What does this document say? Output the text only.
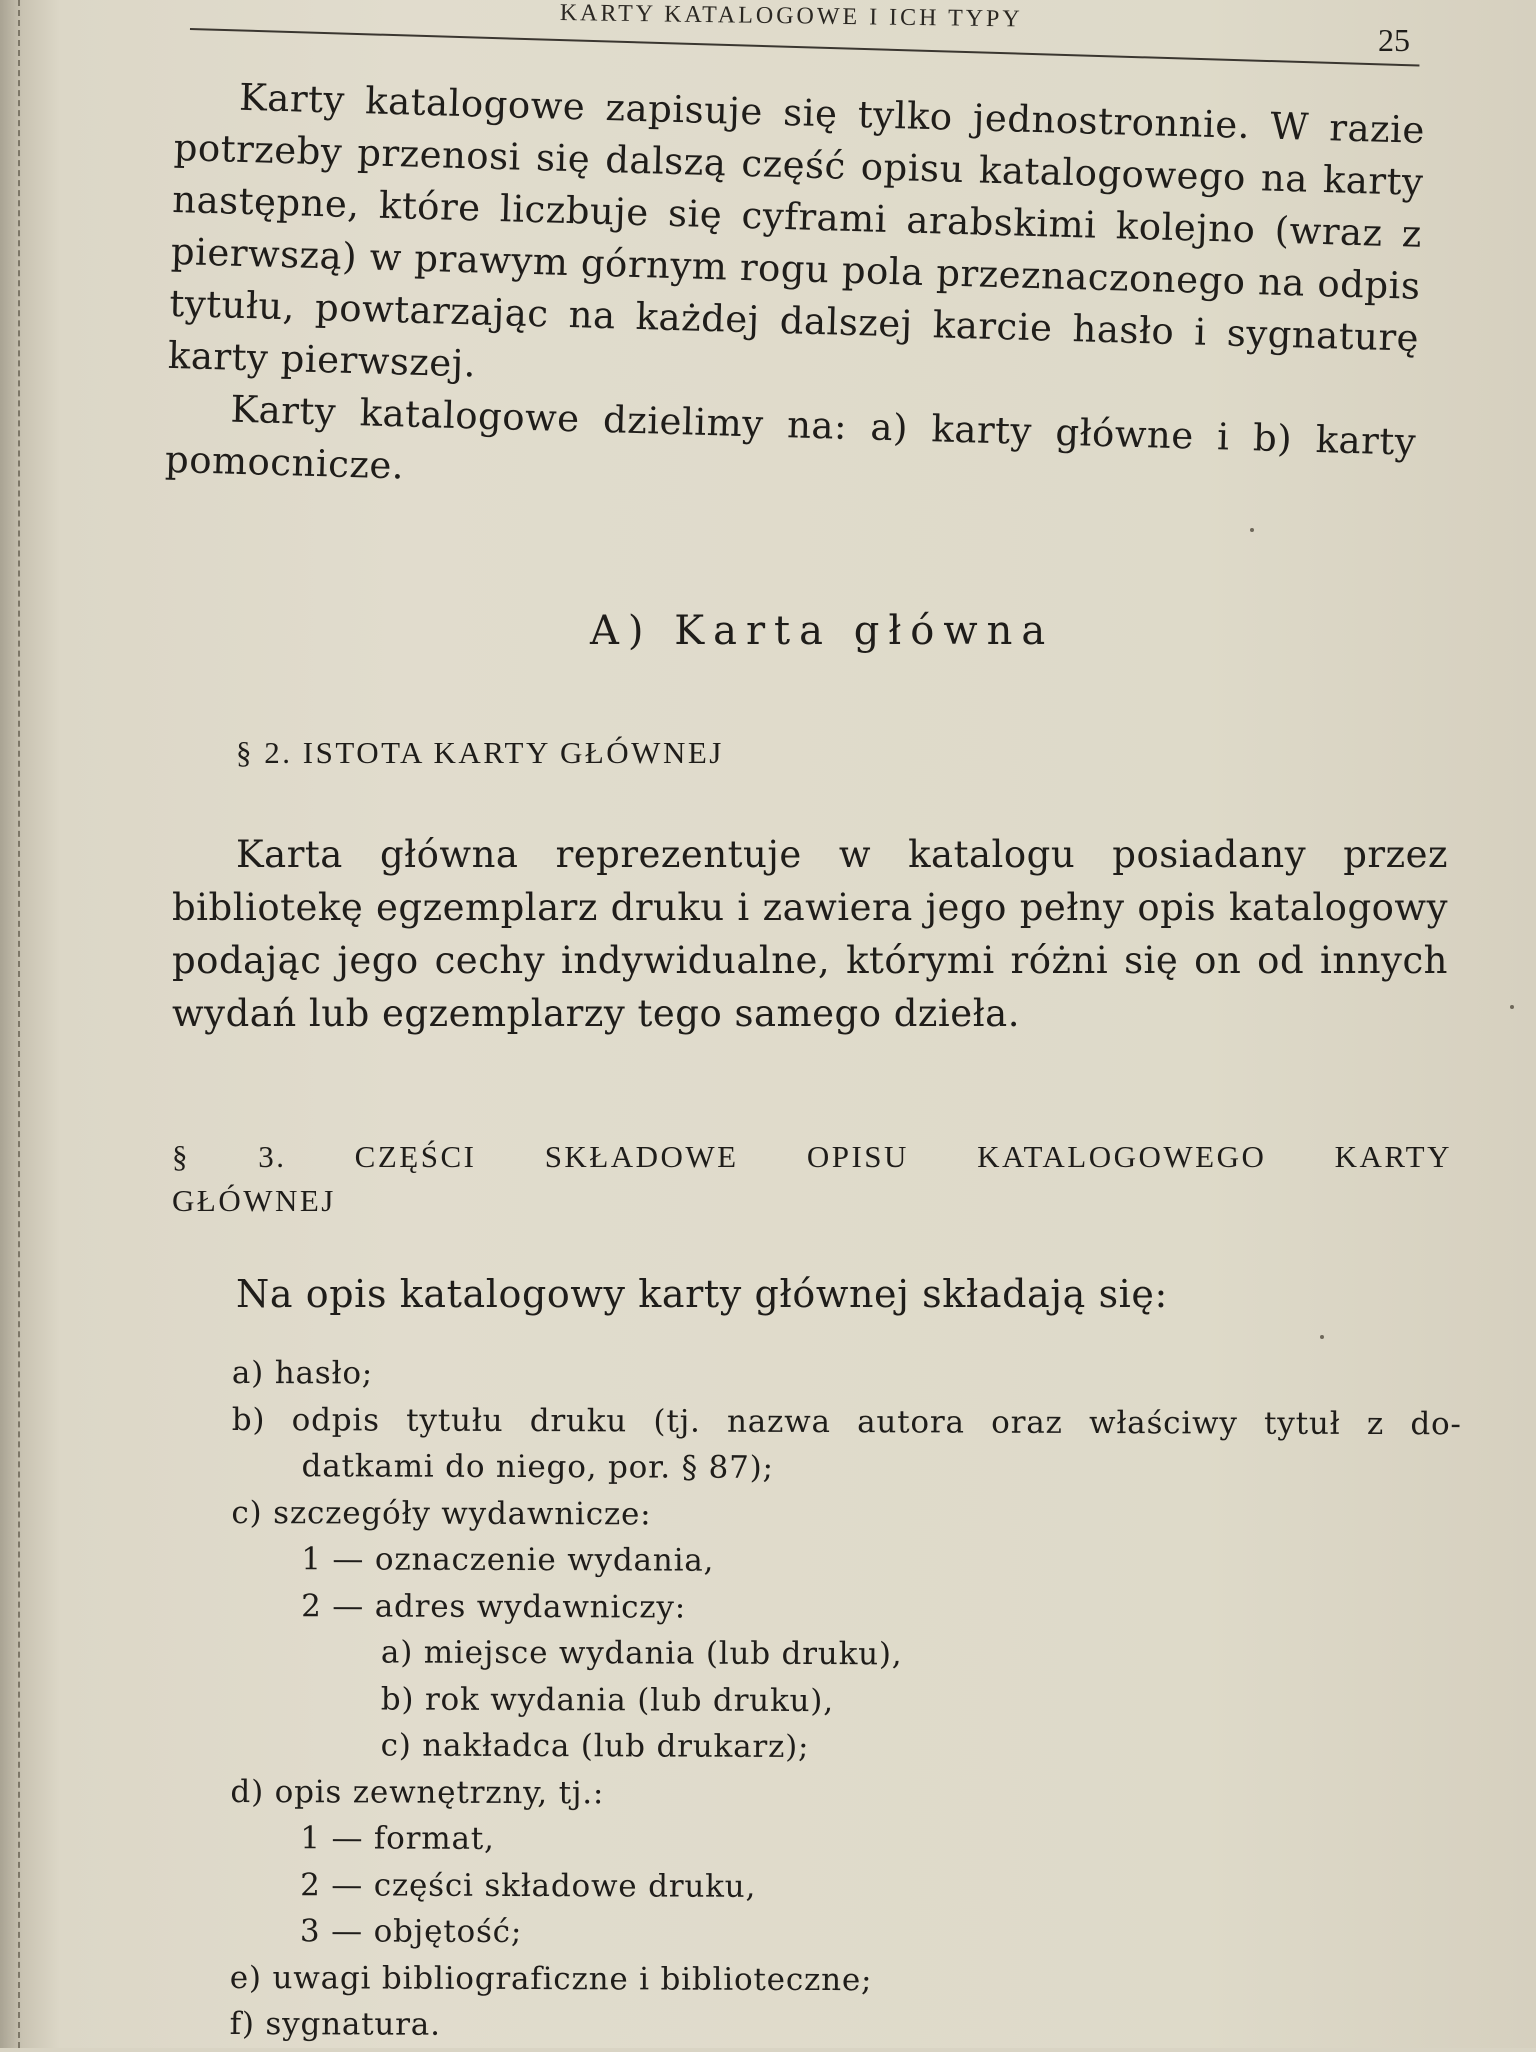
KARTY KATALOGOWE I ICH TYPY
25

Karty katalogowe zapisuje się tylko jednostronnie. W razie potrzeby przenosi się dalszą część opisu katalogowego na karty następne, które liczbuje się cyframi arabskimi kolejno (wraz z pierwszą) w prawym górnym rogu pola przeznaczonego na odpis tytułu, powtarzając na każdej dalszej karcie hasło i sygnaturę karty pierwszej.

Karty katalogowe dzielimy na: a) karty główne i b) karty pomocnicze.

A) Karta główna
§ 2. ISTOTA KARTY GŁÓWNEJ

Karta główna reprezentuje w katalogu posiadany przez bibliotekę egzemplarz druku i zawiera jego pełny opis katalogowy podając jego cechy indywidualne, którymi różni się on od innych wydań lub egzemplarzy tego samego dzieła.

§ 3. CZĘŚCI SKŁADOWE OPISU KATALOGOWEGO KARTY
GŁÓWNEJ
Na opis katalogowy karty głównej składają się:
a) hasło;
b) odpis tytułu druku (tj. nazwa autora oraz właściwy tytuł z do-
datkami do niego, por. § 87);
c) szczegóły wydawnicze:
1 — oznaczenie wydania,
2 — adres wydawniczy:
a) miejsce wydania (lub druku),
b) rok wydania (lub druku),
c) nakładca (lub drukarz);
d) opis zewnętrzny, tj.:
1 — format,
2 — części składowe druku,
3 — objętość;
e) uwagi bibliograficzne i biblioteczne;
f) sygnatura.
